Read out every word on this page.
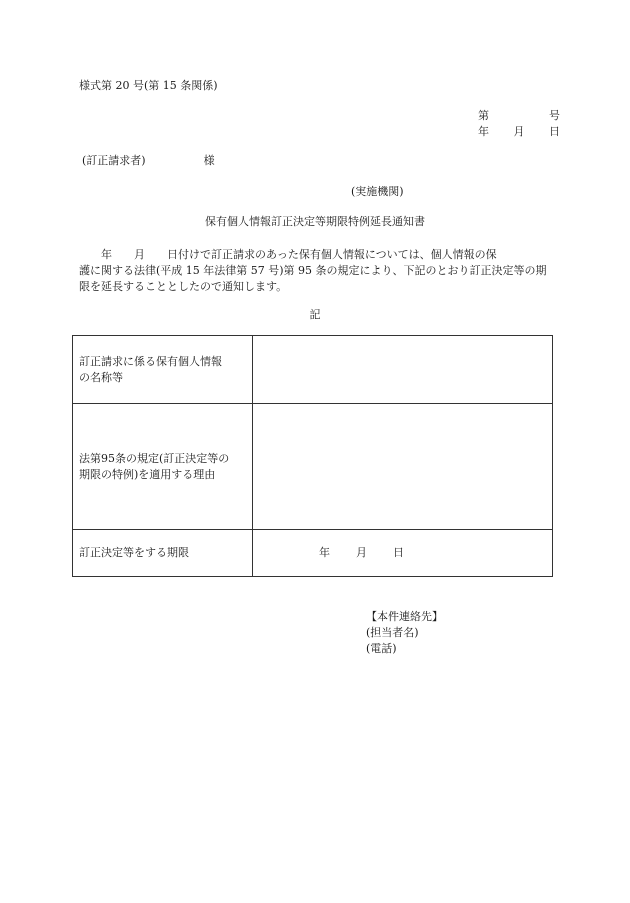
様式第 20 号(第 15 条関係)
第	号
年 月 日
(訂正請求者)	様
(実施機関)
保有個人情報訂正決定等期限特例延長通知書
　　年　　月　　日付けで訂正請求のあった保有個人情報については、個人情報の保
護に関する法律(平成 15 年法律第 57 号)第 95 条の規定により、下記のとおり訂正決定等の期
限を延長することとしたので通知します。
記
訂正請求に係る保有個人情報
の名称等	

法第95条の規定(訂正決定等の
期限の特例)を適用する理由	

訂正決定等をする期限	年 月 日
【本件連絡先】
(担当者名)
(電話)
